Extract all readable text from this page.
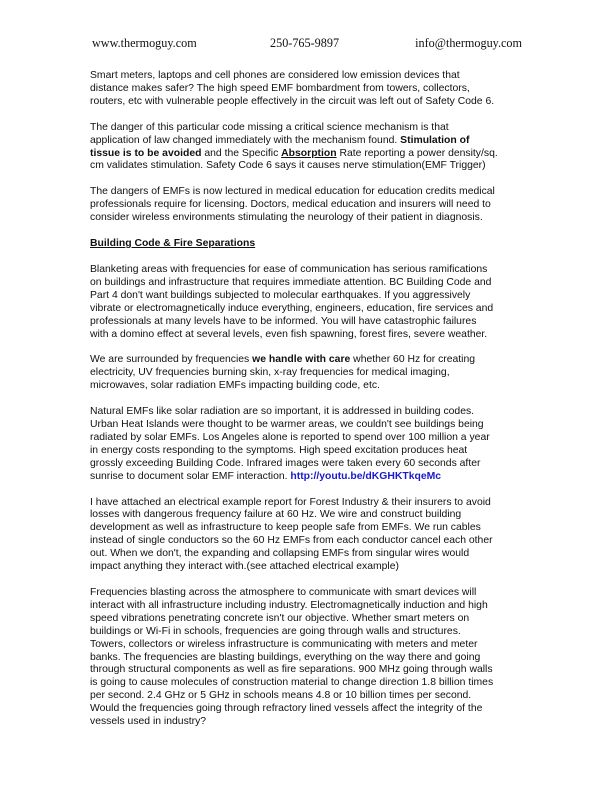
www.thermoguy.com	250-765-9897	info@thermoguy.com

Smart meters, laptops and cell phones are considered low emission devices that
distance makes safer? The high speed EMF bombardment from towers, collectors,
routers, etc with vulnerable people effectively in the circuit was left out of Safety Code 6.

The danger of this particular code missing a critical science mechanism is that
application of law changed immediately with the mechanism found. Stimulation of
tissue is to be avoided and the Specific Absorption Rate reporting a power density/sq.
cm validates stimulation. Safety Code 6 says it causes nerve stimulation(EMF Trigger)

The dangers of EMFs is now lectured in medical education for education credits medical
professionals require for licensing. Doctors, medical education and insurers will need to
consider wireless environments stimulating the neurology of their patient in diagnosis.

Building Code & Fire Separations

Blanketing areas with frequencies for ease of communication has serious ramifications
on buildings and infrastructure that requires immediate attention. BC Building Code and
Part 4 don't want buildings subjected to molecular earthquakes. If you aggressively
vibrate or electromagnetically induce everything, engineers, education, fire services and
professionals at many levels have to be informed. You will have catastrophic failures
with a domino effect at several levels, even fish spawning, forest fires, severe weather.

We are surrounded by frequencies we handle with care whether 60 Hz for creating
electricity, UV frequencies burning skin, x-ray frequencies for medical imaging,
microwaves, solar radiation EMFs impacting building code, etc.

Natural EMFs like solar radiation are so important, it is addressed in building codes.
Urban Heat Islands were thought to be warmer areas, we couldn't see buildings being
radiated by solar EMFs. Los Angeles alone is reported to spend over 100 million a year
in energy costs responding to the symptoms. High speed excitation produces heat
grossly exceeding Building Code. Infrared images were taken every 60 seconds after
sunrise to document solar EMF interaction. http://youtu.be/dKGHKTkqeMc

I have attached an electrical example report for Forest Industry & their insurers to avoid
losses with dangerous frequency failure at 60 Hz. We wire and construct building
development as well as infrastructure to keep people safe from EMFs. We run cables
instead of single conductors so the 60 Hz EMFs from each conductor cancel each other
out. When we don't, the expanding and collapsing EMFs from singular wires would
impact anything they interact with.(see attached electrical example)

Frequencies blasting across the atmosphere to communicate with smart devices will
interact with all infrastructure including industry. Electromagnetically induction and high
speed vibrations penetrating concrete isn't our objective. Whether smart meters on
buildings or Wi-Fi in schools, frequencies are going through walls and structures.
Towers, collectors or wireless infrastructure is communicating with meters and meter
banks. The frequencies are blasting buildings, everything on the way there and going
through structural components as well as fire separations. 900 MHz going through walls
is going to cause molecules of construction material to change direction 1.8 billion times
per second. 2.4 GHz or 5 GHz in schools means 4.8 or 10 billion times per second.
Would the frequencies going through refractory lined vessels affect the integrity of the
vessels used in industry?
